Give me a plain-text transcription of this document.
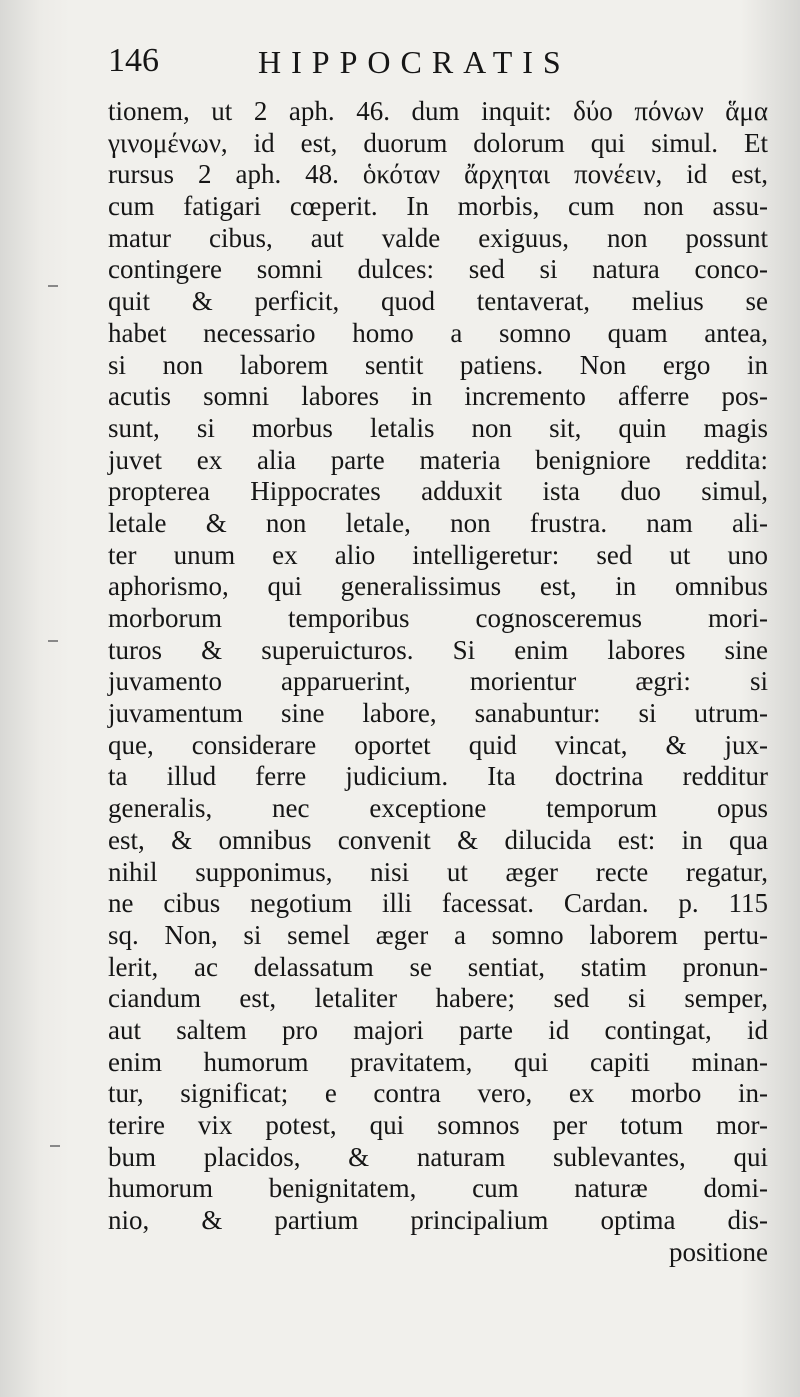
146	HIPPOCRATIS
tionem, ut 2 aph. 46. dum inquit: δύο πόνων ἅμα
γινομένων, id est, duorum dolorum qui simul. Et
rursus 2 aph. 48. ὁκόταν ἄρχηται πονέειν, id est,
cum fatigari cœperit. In morbis, cum non assu-
matur cibus, aut valde exiguus, non possunt
contingere somni dulces: sed si natura conco-
quit & perficit, quod tentaverat, melius se
habet necessario homo a somno quam antea,
si non laborem sentit patiens. Non ergo in
acutis somni labores in incremento afferre pos-
sunt, si morbus letalis non sit, quin magis
juvet ex alia parte materia benigniore reddita:
propterea Hippocrates adduxit ista duo simul,
letale & non letale, non frustra. nam ali-
ter unum ex alio intelligeretur: sed ut uno
aphorismo, qui generalissimus est, in omnibus
morborum temporibus cognosceremus mori-
turos & superuicturos. Si enim labores sine
juvamento apparuerint, morientur ægri: si
juvamentum sine labore, sanabuntur: si utrum-
que, considerare oportet quid vincat, & jux-
ta illud ferre judicium. Ita doctrina redditur
generalis, nec exceptione temporum opus
est, & omnibus convenit & dilucida est: in qua
nihil supponimus, nisi ut æger recte regatur,
ne cibus negotium illi facessat. Cardan. p. 115
sq. Non, si semel æger a somno laborem pertu-
lerit, ac delassatum se sentiat, statim pronun-
ciandum est, letaliter habere; sed si semper,
aut saltem pro majori parte id contingat, id
enim humorum pravitatem, qui capiti minan-
tur, significat; e contra vero, ex morbo in-
terire vix potest, qui somnos per totum mor-
bum placidos, & naturam sublevantes, qui
humorum benignitatem, cum naturæ domi-
nio, & partium principalium optima dis-
positione
